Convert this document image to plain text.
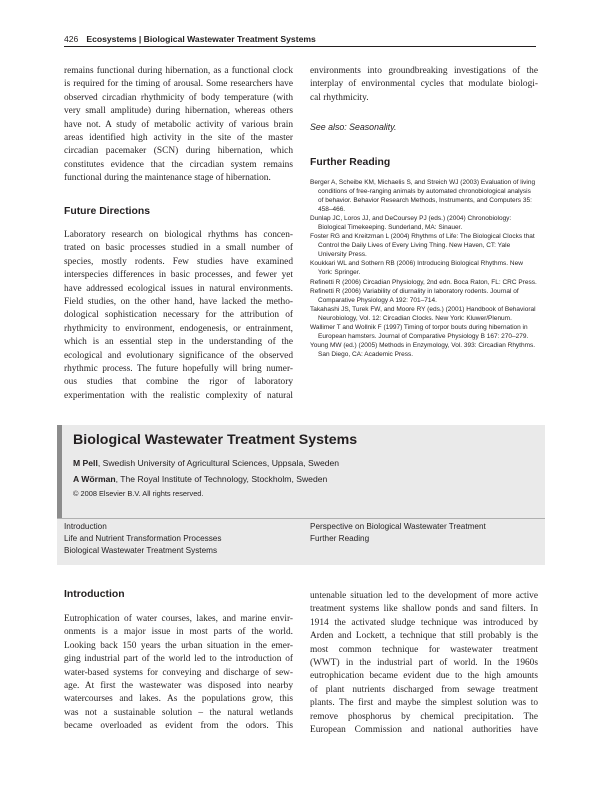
426 Ecosystems | Biological Wastewater Treatment Systems

remains functional during hibernation, as a functional clock

is required for the timing of arousal. Some researchers have

observed circadian rhythmicity of body temperature (with

very small amplitude) during hibernation, whereas others

have not. A study of metabolic activity of various brain

areas identified high activity in the site of the master

circadian pacemaker (SCN) during hibernation, which

constitutes evidence that the circadian system remains

functional during the maintenance stage of hibernation.

Future Directions

Laboratory research on biological rhythms has concen-

trated on basic processes studied in a small number of

species, mostly rodents. Few studies have examined

interspecies differences in basic processes, and fewer yet

have addressed ecological issues in natural environments.

Field studies, on the other hand, have lacked the metho-

dological sophistication necessary for the attribution of

rhythmicity to environment, endogenesis, or entrainment,

which is an essential step in the understanding of the

ecological and evolutionary significance of the observed

rhythmic process. The future hopefully will bring numer-

ous studies that combine the rigor of laboratory

experimentation with the realistic complexity of natural

environments into groundbreaking investigations of the

interplay of environmental cycles that modulate biologi-

cal rhythmicity.

See also: Seasonality.
Further Reading
Berger A, Scheibe KM, Michaelis S, and Streich WJ (2003) Evaluation of living conditions of free-ranging animals by automated chronobiological analysis of behavior. Behavior Research Methods, Instruments, and Computers 35: 458–466.
Dunlap JC, Loros JJ, and DeCoursey PJ (eds.) (2004) Chronobiology: Biological Timekeeping. Sunderland, MA: Sinauer.
Foster RG and Kreitzman L (2004) Rhythms of Life: The Biological Clocks that Control the Daily Lives of Every Living Thing. New Haven, CT: Yale University Press.
Koukkari WL and Sothern RB (2006) Introducing Biological Rhythms. New York: Springer.
Refinetti R (2006) Circadian Physiology, 2nd edn. Boca Raton, FL: CRC Press.
Refinetti R (2006) Variability of diurnality in laboratory rodents. Journal of Comparative Physiology A 192: 701–714.
Takahashi JS, Turek FW, and Moore RY (eds.) (2001) Handbook of Behavioral Neurobiology, Vol. 12: Circadian Clocks. New York: Kluwer/Plenum.
Wallimer T and Wollnik F (1997) Timing of torpor bouts during hibernation in European hamsters. Journal of Comparative Physiology B 167: 270–279.
Young MW (ed.) (2005) Methods in Enzymology, Vol. 393: Circadian Rhythms. San Diego, CA: Academic Press.
Biological Wastewater Treatment Systems
M Pell, Swedish University of Agricultural Sciences, Uppsala, Sweden
A Wörman, The Royal Institute of Technology, Stockholm, Sweden
© 2008 Elsevier B.V. All rights reserved.
Introduction
Life and Nutrient Transformation Processes
Biological Wastewater Treatment Systems
Perspective on Biological Wastewater Treatment
Further Reading
Introduction

Eutrophication of water courses, lakes, and marine envir-

onments is a major issue in most parts of the world.

Looking back 150 years the urban situation in the emer-

ging industrial part of the world led to the introduction of

water-based systems for conveying and discharge of sew-

age. At first the wastewater was disposed into nearby

watercourses and lakes. As the populations grow, this

was not a sustainable solution – the natural wetlands

became overloaded as evident from the odors. This

untenable situation led to the development of more active

treatment systems like shallow ponds and sand filters. In

1914 the activated sludge technique was introduced by

Arden and Lockett, a technique that still probably is the

most common technique for wastewater treatment

(WWT) in the industrial part of world. In the 1960s

eutrophication became evident due to the high amounts

of plant nutrients discharged from sewage treatment

plants. The first and maybe the simplest solution was to

remove phosphorus by chemical precipitation. The

European Commission and national authorities have
